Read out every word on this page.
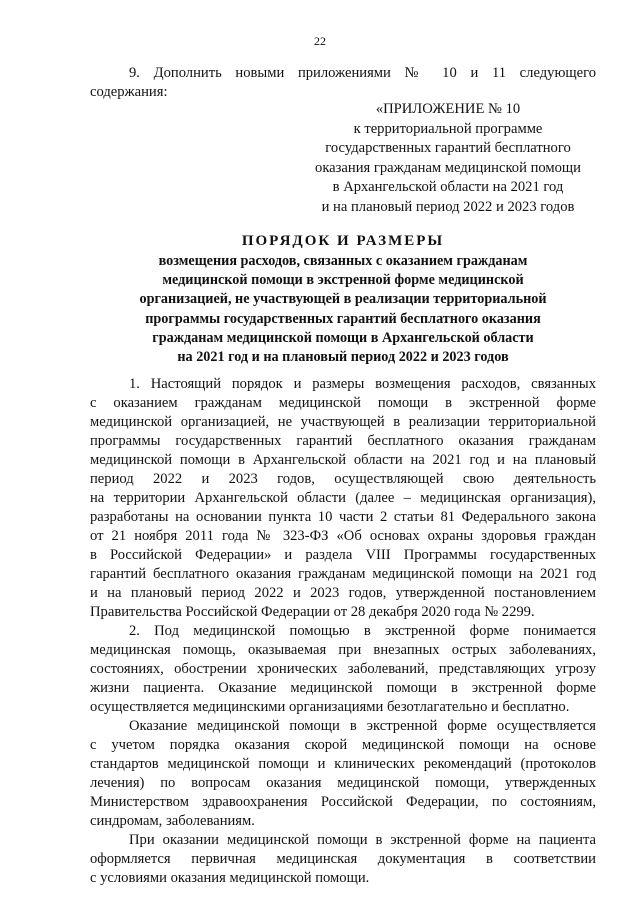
22
9. Дополнить новыми приложениями № 10 и 11 следующего
содержания:
«ПРИЛОЖЕНИЕ № 10
к территориальной программе
государственных гарантий бесплатного
оказания гражданам медицинской помощи
в Архангельской области на 2021 год
и на плановый период 2022 и 2023 годов
ПОРЯДОК И РАЗМЕРЫ
возмещения расходов, связанных с оказанием гражданам
медицинской помощи в экстренной форме медицинской
организацией, не участвующей в реализации территориальной
программы государственных гарантий бесплатного оказания
гражданам медицинской помощи в Архангельской области
на 2021 год и на плановый период 2022 и 2023 годов
1. Настоящий порядок и размеры возмещения расходов, связанных
с оказанием гражданам медицинской помощи в экстренной форме
медицинской организацией, не участвующей в реализации территориальной
программы государственных гарантий бесплатного оказания гражданам
медицинской помощи в Архангельской области на 2021 год и на плановый
период 2022 и 2023 годов, осуществляющей свою деятельность
на территории Архангельской области (далее – медицинская организация),
разработаны на основании пункта 10 части 2 статьи 81 Федерального закона
от 21 ноября 2011 года № 323-ФЗ «Об основах охраны здоровья граждан
в Российской Федерации» и раздела VIII Программы государственных
гарантий бесплатного оказания гражданам медицинской помощи на 2021 год
и на плановый период 2022 и 2023 годов, утвержденной постановлением
Правительства Российской Федерации от 28 декабря 2020 года № 2299.
2. Под медицинской помощью в экстренной форме понимается
медицинская помощь, оказываемая при внезапных острых заболеваниях,
состояниях, обострении хронических заболеваний, представляющих угрозу
жизни пациента. Оказание медицинской помощи в экстренной форме
осуществляется медицинскими организациями безотлагательно и бесплатно.
Оказание медицинской помощи в экстренной форме осуществляется
с учетом порядка оказания скорой медицинской помощи на основе
стандартов медицинской помощи и клинических рекомендаций (протоколов
лечения) по вопросам оказания медицинской помощи, утвержденных
Министерством здравоохранения Российской Федерации, по состояниям,
синдромам, заболеваниям.
При оказании медицинской помощи в экстренной форме на пациента
оформляется первичная медицинская документация в соответствии
с условиями оказания медицинской помощи.
